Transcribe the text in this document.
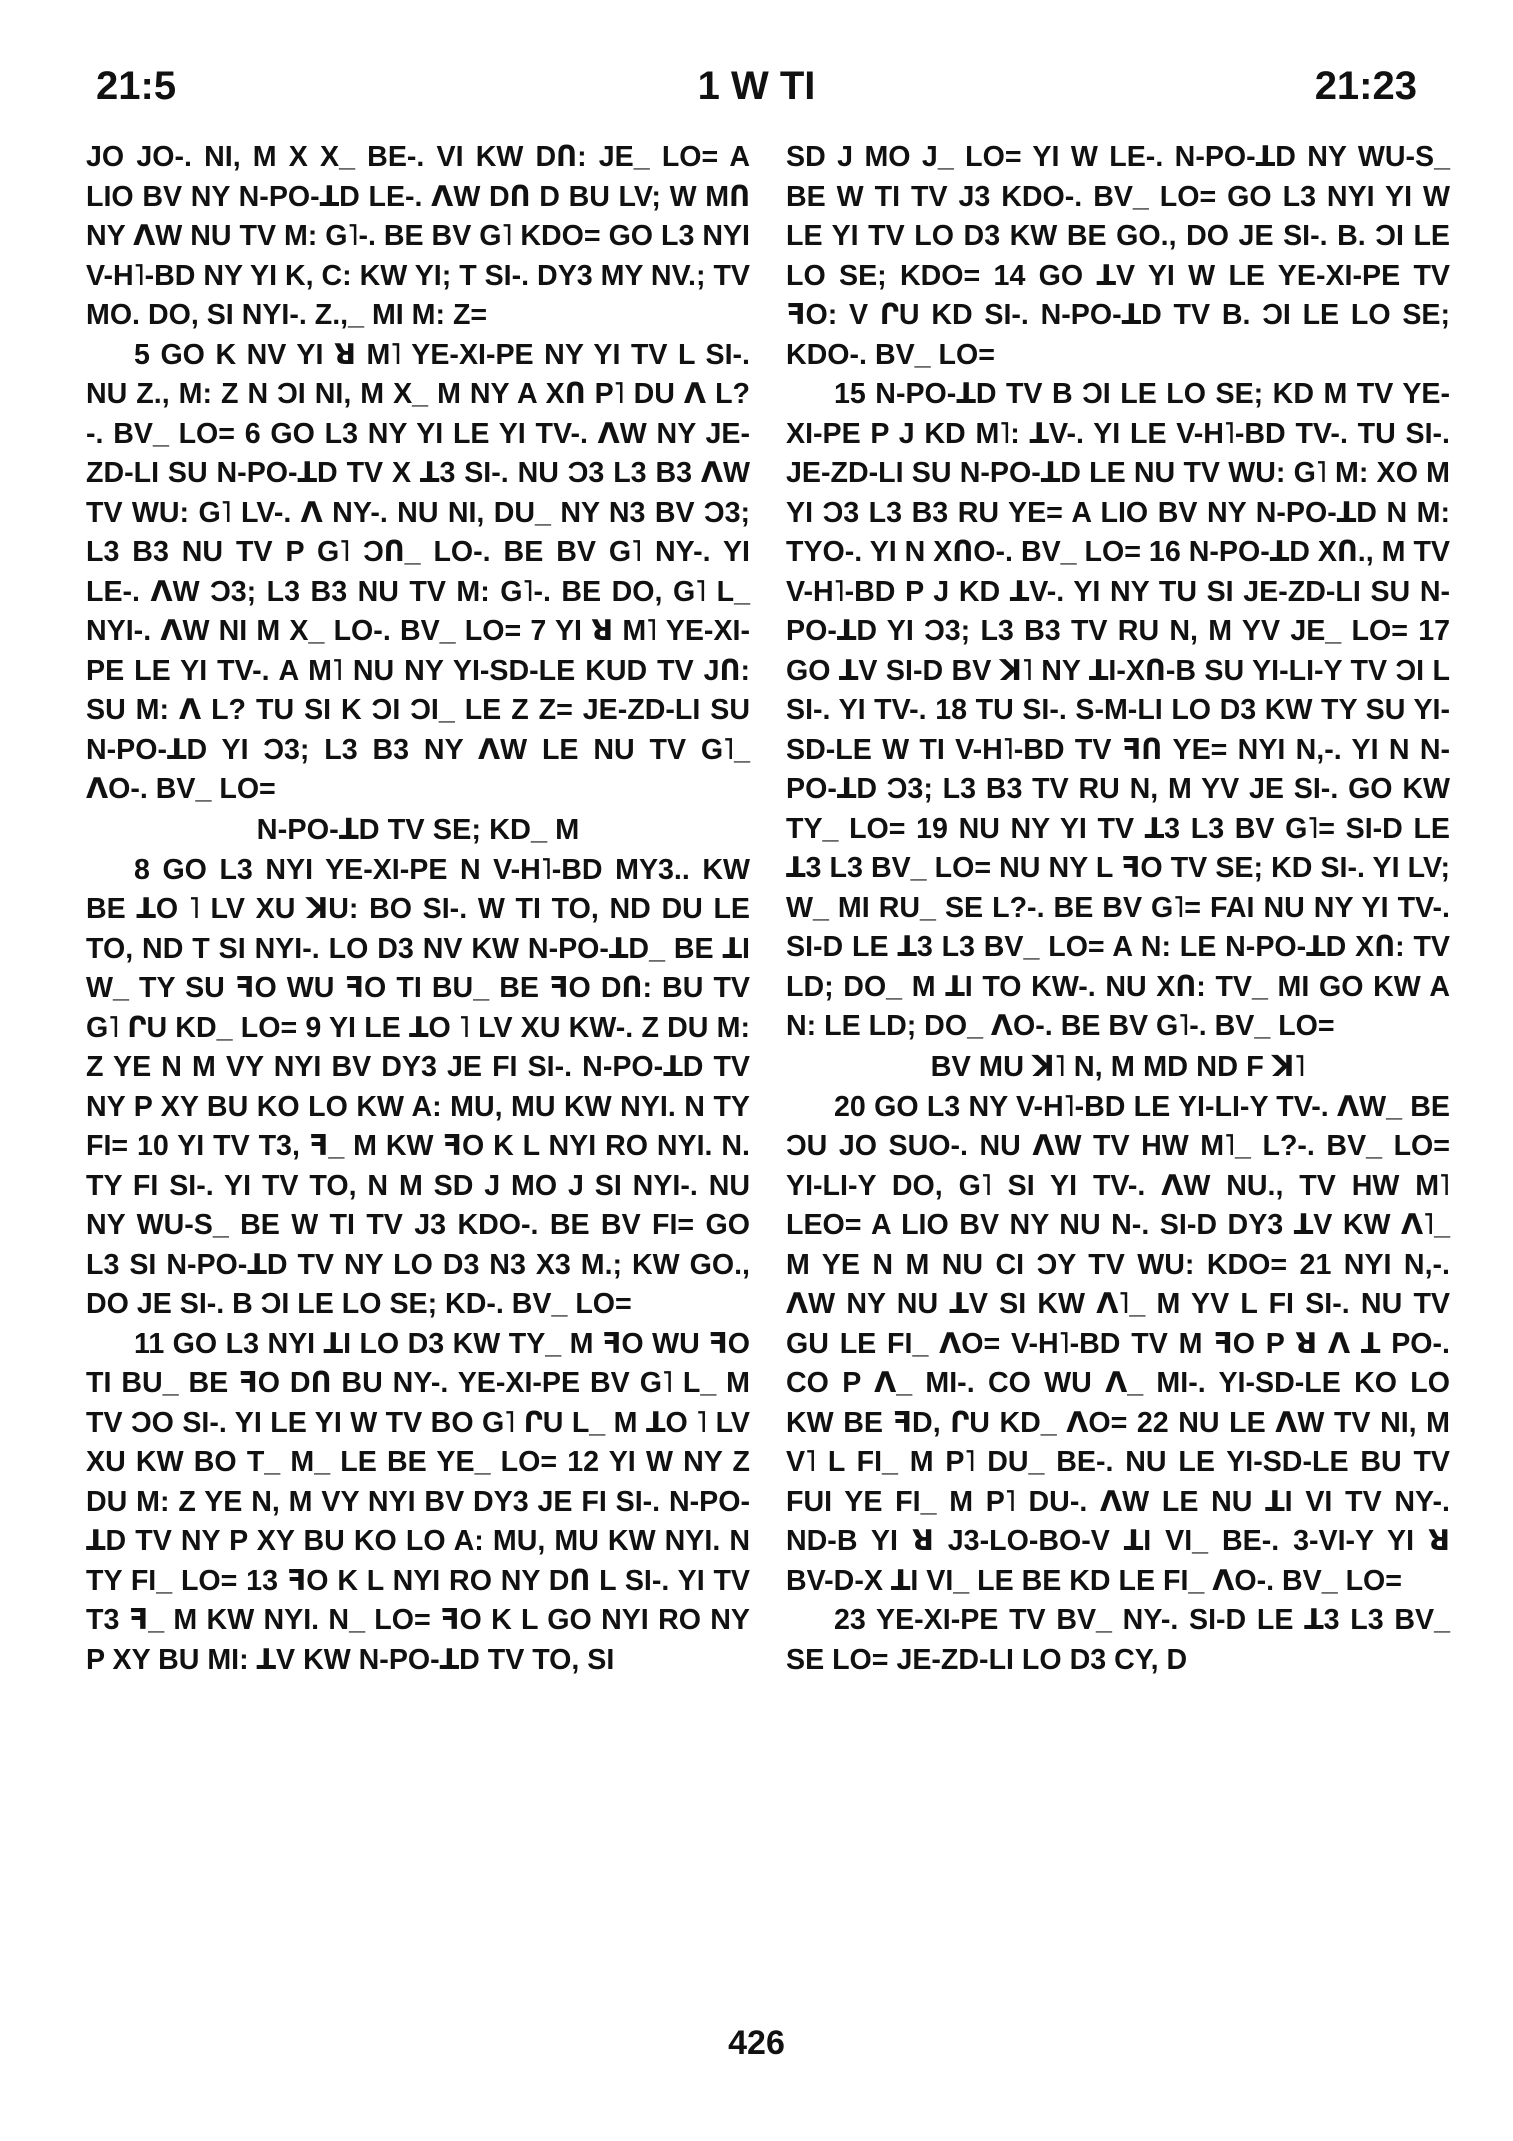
21:5	1 W TI	21:23

JO JO-. NI, M X X_ BE-. VI KW DՈ: JE_ LO= A LIO BV NY N-PO-ꓕD LE-. ꓥW DՈ D BU LV; W MՈ NY ꓥW NU TV M: G˥-. BE BV G˥ KDO= GO L3 NYI V-H˥-BD NY YI K, C: KW YI; T SI-. DY3 MY NV.; TV MO. DO, SI NYI-. Z.,_ MI M: Z=

5 GO K NV YI ꓤ M˥ YE-XI-PE NY YI TV L SI-. NU Z., M: Z N ƆI NI, M X_ M NY A XՈ P˥ DU ꓥ L?-. BV_ LO= 6 GO L3 NY YI LE YI TV-. ꓥW NY JE-ZD-LI SU N-PO-ꓕD TV X ꓕ3 SI-. NU Ɔ3 L3 B3 ꓥW TV WU: G˥ LV-. ꓥ NY-. NU NI, DU_ NY N3 BV Ɔ3; L3 B3 NU TV P G˥ ƆՈ_ LO-. BE BV G˥ NY-. YI LE-. ꓥW Ɔ3; L3 B3 NU TV M: G˥-. BE DO, G˥ L_ NYI-. ꓥW NI M X_ LO-. BV_ LO= 7 YI ꓤ M˥ YE-XI-PE LE YI TV-. A M˥ NU NY YI-SD-LE KUD TV JՈ: SU M: ꓥ L? TU SI K ƆI ƆI_ LE Z Z= JE-ZD-LI SU N-PO-ꓕD YI Ɔ3; L3 B3 NY ꓥW LE NU TV G˥_ ꓥO-. BV_ LO=

N-PO-ꓕD TV SE; KD_ M

8 GO L3 NYI YE-XI-PE N V-H˥-BD MY3.. KW BE ꓕO ˥ LV XU ꓘU: BO SI-. W TI TO, ND DU LE TO, ND T SI NYI-. LO D3 NV KW N-PO-ꓕD_ BE ꓕI W_ TY SU ꟻO WU ꟻO TI BU_ BE ꟻO DՈ: BU TV G˥ ՐU KD_ LO= 9 YI LE ꓕO ˥ LV XU KW-. Z DU M: Z YE N M VY NYI BV DY3 JE FI SI-. N-PO-ꓕD TV NY P XY BU KO LO KW A: MU, MU KW NYI. N TY FI= 10 YI TV T3, ꟻ_ M KW ꟻO K L NYI RO NYI. N. TY FI SI-. YI TV TO, N M SD J MO J SI NYI-. NU NY WU-S_ BE W TI TV J3 KDO-. BE BV FI= GO L3 SI N-PO-ꓕD TV NY LO D3 N3 X3 M.; KW GO., DO JE SI-. B ƆI LE LO SE; KD-. BV_ LO=

11 GO L3 NYI ꓕI LO D3 KW TY_ M ꟻO WU ꟻO TI BU_ BE ꟻO DՈ BU NY-. YE-XI-PE BV G˥ L_ M TV ƆO SI-. YI LE YI W TV BO G˥ ՐU L_ M ꓕO ˥ LV XU KW BO T_ M_ LE BE YE_ LO= 12 YI W NY Z DU M: Z YE N, M VY NYI BV DY3 JE FI SI-. N-PO-ꓕD TV NY P XY BU KO LO A: MU, MU KW NYI. N TY FI_ LO= 13 ꟻO K L NYI RO NY DՈ L SI-. YI TV T3 ꟻ_ M KW NYI. N_ LO= ꟻO K L GO NYI RO NY P XY BU MI: ꓕV KW N-PO-ꓕD TV TO, SI

SD J MO J_ LO= YI W LE-. N-PO-ꓕD NY WU-S_ BE W TI TV J3 KDO-. BV_ LO= GO L3 NYI YI W LE YI TV LO D3 KW BE GO., DO JE SI-. B. ƆI LE LO SE; KDO= 14 GO ꓕV YI W LE YE-XI-PE TV ꟻO: V ՐU KD SI-. N-PO-ꓕD TV B. ƆI LE LO SE; KDO-. BV_ LO=

15 N-PO-ꓕD TV B ƆI LE LO SE; KD M TV YE-XI-PE P J KD M˥: ꓕV-. YI LE V-H˥-BD TV-. TU SI-. JE-ZD-LI SU N-PO-ꓕD LE NU TV WU: G˥ M: XO M YI Ɔ3 L3 B3 RU YE= A LIO BV NY N-PO-ꓕD N M: TYO-. YI N XՈO-. BV_ LO= 16 N-PO-ꓕD XՈ., M TV V-H˥-BD P J KD ꓕV-. YI NY TU SI JE-ZD-LI SU N-PO-ꓕD YI Ɔ3; L3 B3 TV RU N, M YV JE_ LO= 17 GO ꓕV SI-D BV ꓘ˥ NY ꓕI-XՈ-B SU YI-LI-Y TV ƆI L SI-. YI TV-. 18 TU SI-. S-M-LI LO D3 KW TY SU YI-SD-LE W TI V-H˥-BD TV ꟻՈ YE= NYI N,-. YI N N-PO-ꓕD Ɔ3; L3 B3 TV RU N, M YV JE SI-. GO KW TY_ LO= 19 NU NY YI TV ꓕ3 L3 BV G˥= SI-D LE ꓕ3 L3 BV_ LO= NU NY L ꟻO TV SE; KD SI-. YI LV; W_ MI RU_ SE L?-. BE BV G˥= FAI NU NY YI TV-. SI-D LE ꓕ3 L3 BV_ LO= A N: LE N-PO-ꓕD XՈ: TV LD; DO_ M ꓕI TO KW-. NU XՈ: TV_ MI GO KW A N: LE LD; DO_ ꓥO-. BE BV G˥-. BV_ LO=

BV MU ꓘ˥ N, M MD ND F ꓘ˥

20 GO L3 NY V-H˥-BD LE YI-LI-Y TV-. ꓥW_ BE ƆU JO SUO-. NU ꓥW TV HW M˥_ L?-. BV_ LO= YI-LI-Y DO, G˥ SI YI TV-. ꓥW NU., TV HW M˥ LEO= A LIO BV NY NU N-. SI-D DY3 ꓕV KW ꓥ˥_ M YE N M NU CI ƆY TV WU: KDO= 21 NYI N,-. ꓥW NY NU ꓕV SI KW ꓥ˥_ M YV L FI SI-. NU TV GU LE FI_ ꓥO= V-H˥-BD TV M ꟻO P ꓤ ꓥ ꓕ PO-. CO P ꓥ_ MI-. CO WU ꓥ_ MI-. YI-SD-LE KO LO KW BE ꟻD, ՐU KD_ ꓥO= 22 NU LE ꓥW TV NI, M V˥ L FI_ M P˥ DU_ BE-. NU LE YI-SD-LE BU TV FUI YE FI_ M P˥ DU-. ꓥW LE NU ꓕI VI TV NY-. ND-B YI ꓤ J3-LO-BO-V ꓕI VI_ BE-. 3-VI-Y YI ꓤ BV-D-X ꓕI VI_ LE BE KD LE FI_ ꓥO-. BV_ LO=

23 YE-XI-PE TV BV_ NY-. SI-D LE ꓕ3 L3 BV_ SE LO= JE-ZD-LI LO D3 CY, D

426
